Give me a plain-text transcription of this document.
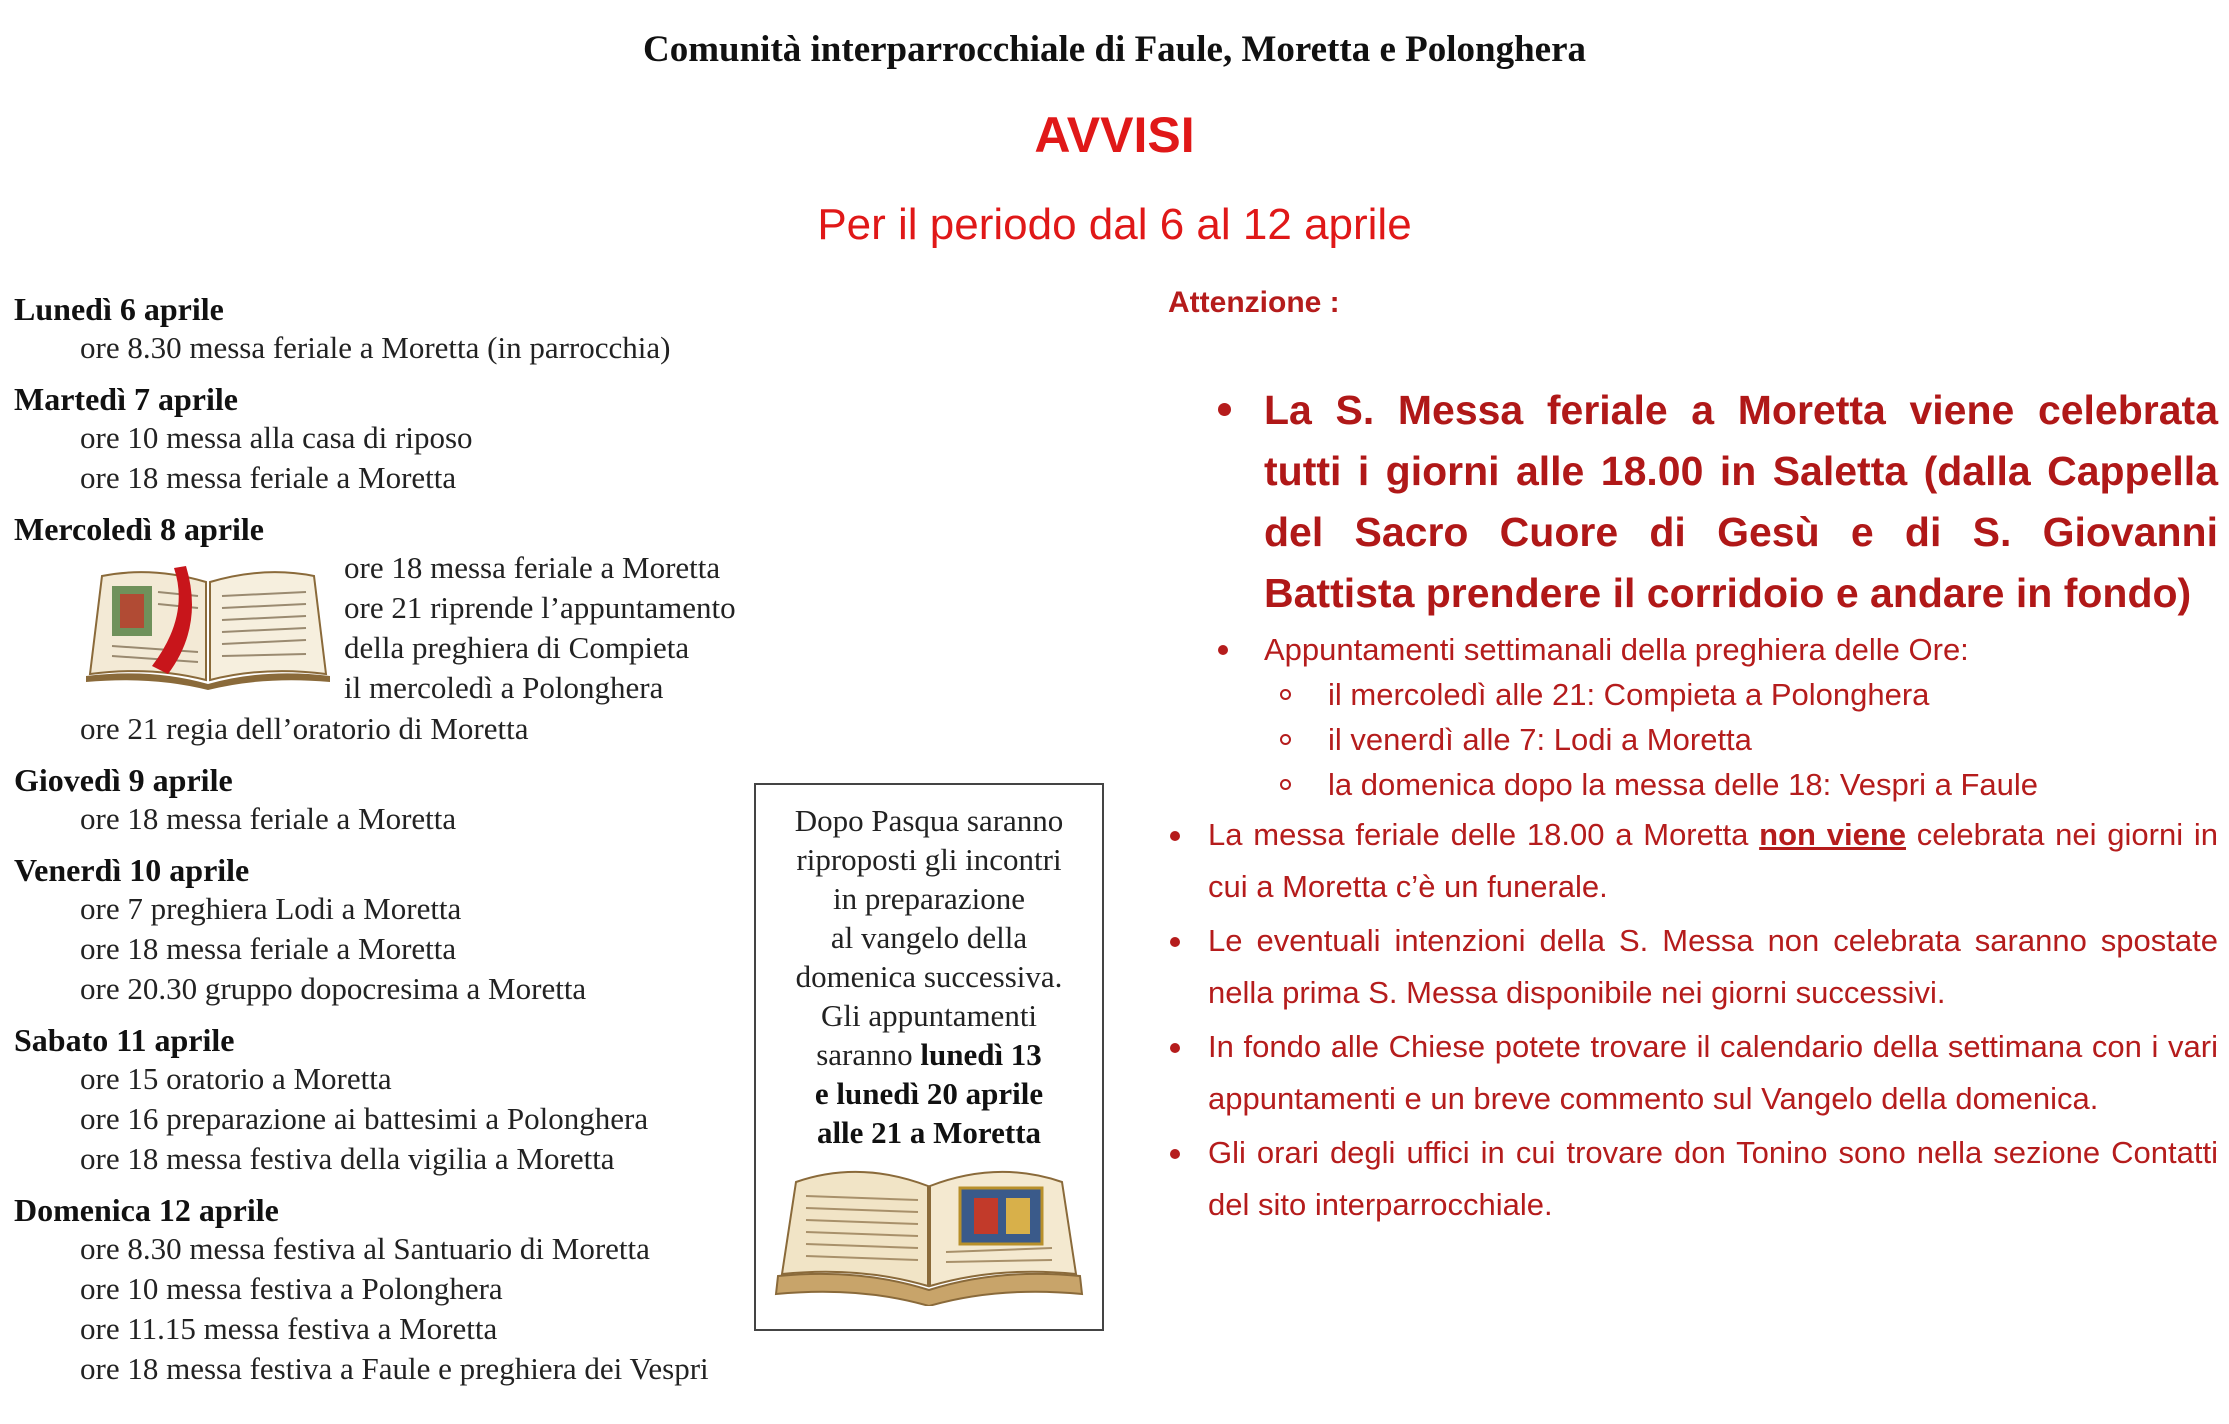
Comunità interparrocchiale di Faule, Moretta e Polonghera
AVVISI
Per il periodo dal 6 al 12 aprile
Lunedì 6 aprile
ore 8.30 messa feriale a Moretta (in parrocchia)
Martedì 7 aprile
ore 10 messa alla casa di riposo
ore 18 messa feriale a Moretta
Mercoledì 8 aprile
ore 18 messa feriale a Moretta
ore 21 riprende l’appuntamento
della preghiera di Compieta
il mercoledì a Polonghera
ore 21 regia dell’oratorio di Moretta
Giovedì 9 aprile
ore 18 messa feriale a Moretta
Venerdì 10 aprile
ore 7 preghiera Lodi a Moretta
ore 18 messa feriale a Moretta
ore 20.30 gruppo dopocresima a Moretta
Sabato 11 aprile
ore 15 oratorio a Moretta
ore 16 preparazione ai battesimi a Polonghera
ore 18 messa festiva della vigilia a Moretta
Domenica 12 aprile
ore 8.30 messa festiva al Santuario di Moretta
ore 10 messa festiva a Polonghera
ore 11.15 messa festiva a Moretta
ore 18 messa festiva a Faule e preghiera dei Vespri
Dopo Pasqua saranno
riproposti gli incontri
in preparazione
al vangelo della
domenica successiva.
Gli appuntamenti
saranno lunedì 13
e lunedì 20 aprile
alle 21 a Moretta
Attenzione :
La S. Messa feriale a Moretta viene celebrata tutti i giorni alle 18.00 in Saletta (dalla Cappella del Sacro Cuore di Gesù e di S. Giovanni Battista prendere il corridoio e andare in fondo)
Appuntamenti settimanali della preghiera delle Ore:
il mercoledì alle 21: Compieta a Polonghera
il venerdì alle 7: Lodi a Moretta
la domenica dopo la messa delle 18: Vespri a Faule
La messa feriale delle 18.00 a Moretta non viene celebrata nei giorni in cui a Moretta c’è un funerale.
Le eventuali intenzioni della S. Messa non celebrata saranno spostate nella prima S. Messa disponibile nei giorni successivi.
In fondo alle Chiese potete trovare il calendario della settimana con i vari appuntamenti e un breve commento sul Vangelo della domenica.
Gli orari degli uffici in cui trovare don Tonino sono nella sezione Contatti del sito interparrocchiale.
